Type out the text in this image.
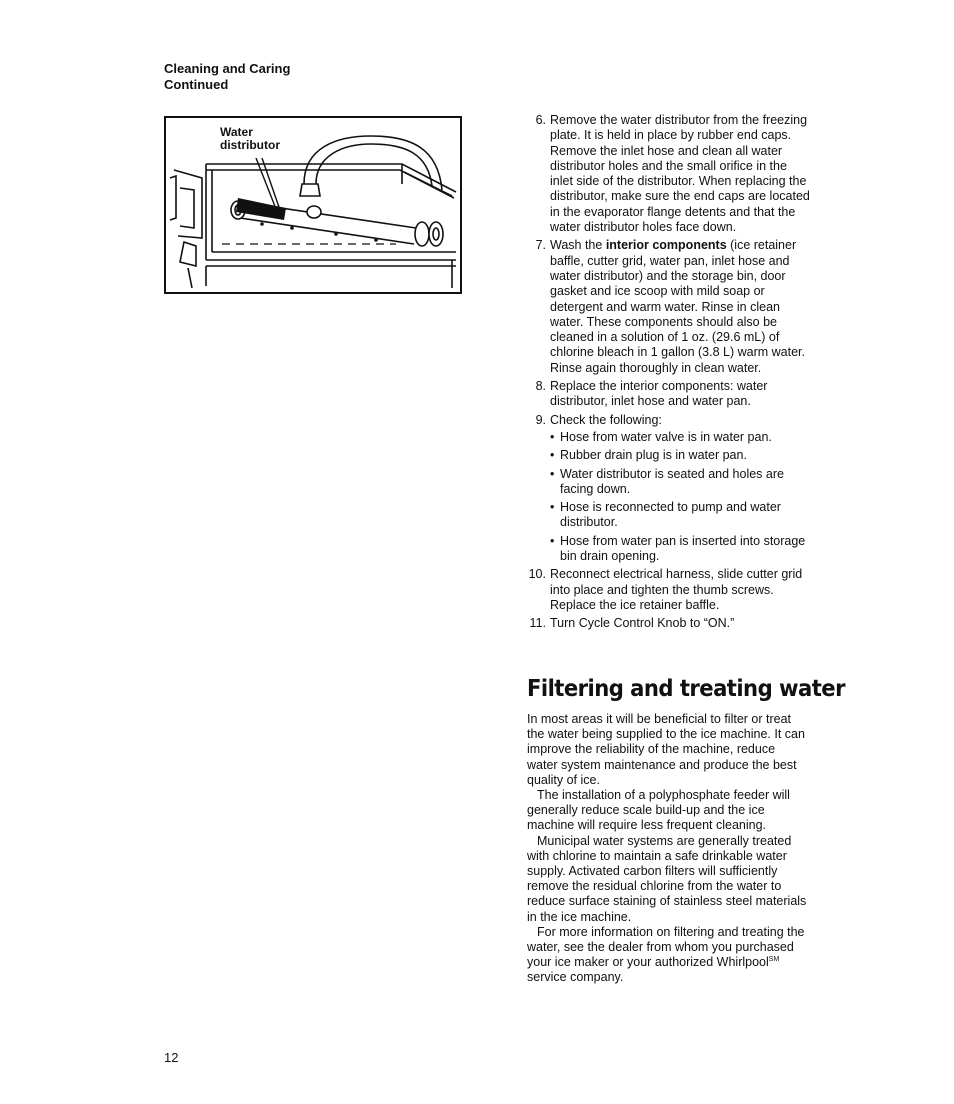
Cleaning and Caring
Continued
Water
distributor
6. Remove the water distributor from the freezing plate. It is held in place by rubber end caps. Remove the inlet hose and clean all water distributor holes and the small orifice in the inlet side of the distributor. When replacing the distributor, make sure the end caps are located in the evaporator flange detents and that the water distributor holes face down.
7. Wash the interior components (ice retainer baffle, cutter grid, water pan, inlet hose and water distributor) and the storage bin, door gasket and ice scoop with mild soap or detergent and warm water. Rinse in clean water. These components should also be cleaned in a solution of 1 oz. (29.6 mL) of chlorine bleach in 1 gallon (3.8 L) warm water. Rinse again thoroughly in clean water.
8. Replace the interior components: water distributor, inlet hose and water pan.
9. Check the following:
• Hose from water valve is in water pan.
• Rubber drain plug is in water pan.
• Water distributor is seated and holes are facing down.
• Hose is reconnected to pump and water distributor.
• Hose from water pan is inserted into storage bin drain opening.
10. Reconnect electrical harness, slide cutter grid into place and tighten the thumb screws. Replace the ice retainer baffle.
11. Turn Cycle Control Knob to “ON.”
Filtering and treating water

In most areas it will be beneficial to filter or treat the water being supplied to the ice machine. It can improve the reliability of the machine, reduce water system maintenance and produce the best quality of ice.

The installation of a polyphosphate feeder will generally reduce scale build-up and the ice machine will require less frequent cleaning.

Municipal water systems are generally treated with chlorine to maintain a safe drinkable water supply. Activated carbon filters will sufficiently remove the residual chlorine from the water to reduce surface staining of stainless steel materials in the ice machine.

For more information on filtering and treating the water, see the dealer from whom you purchased your ice maker or your authorized Whirlpool℠ service company.

12
